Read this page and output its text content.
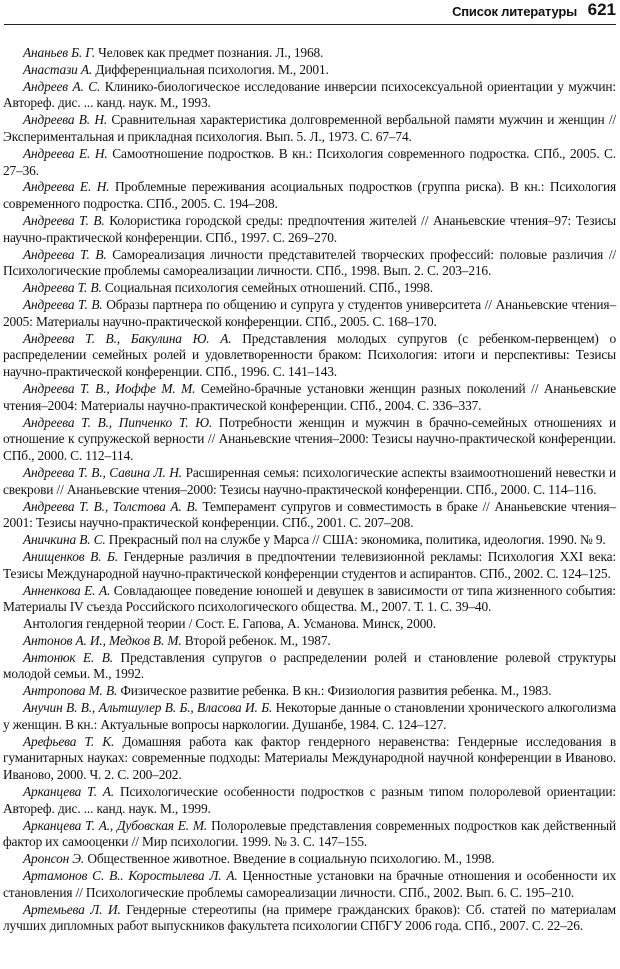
Список литературы 621

Ананьев Б. Г. Человек как предмет познания. Л., 1968.

Анастази А. Дифференциальная психология. М., 2001.

Андреев А. С. Клинико-биологическое исследование инверсии психосексуальной ориентации у мужчин: Автореф. дис. ... канд. наук. М., 1993.

Андреева В. Н. Сравнительная характеристика долговременной вербальной памяти мужчин и женщин // Экспериментальная и прикладная психология. Вып. 5. Л., 1973. С. 67–74.

Андреева Е. Н. Самоотношение подростков. В кн.: Психология современного подростка. СПб., 2005. С. 27–36.

Андреева Е. Н. Проблемные переживания асоциальных подростков (группа риска). В кн.: Психология современного подростка. СПб., 2005. С. 194–208.

Андреева Т. В. Колористика городской среды: предпочтения жителей // Ананьевские чтения–97: Тезисы научно-практической конференции. СПб., 1997. С. 269–270.

Андреева Т. В. Самореализация личности представителей творческих профессий: половые различия // Психологические проблемы самореализации личности. СПб., 1998. Вып. 2. С. 203–216.

Андреева Т. В. Социальная психология семейных отношений. СПб., 1998.

Андреева Т. В. Образы партнера по общению и супруга у студентов университета // Ананьевские чтения–2005: Материалы научно-практической конференции. СПб., 2005. С. 168–170.

Андреева Т. В., Бакулина Ю. А. Представления молодых супругов (с ребенком-первенцем) о распределении семейных ролей и удовлетворенности браком: Психология: итоги и перспективы: Тезисы научно-практической конференции. СПб., 1996. С. 141–143.

Андреева Т. В., Иоффе М. М. Семейно-брачные установки женщин разных поколений // Ананьевские чтения–2004: Материалы научно-практической конференции. СПб., 2004. С. 336–337.

Андреева Т. В., Пипченко Т. Ю. Потребности женщин и мужчин в брачно-семейных отношениях и отношение к супружеской верности // Ананьевские чтения–2000: Тезисы научно-практической конференции. СПб., 2000. С. 112–114.

Андреева Т. В., Савина Л. Н. Расширенная семья: психологические аспекты взаимоотношений невестки и свекрови // Ананьевские чтения–2000: Тезисы научно-практической конференции. СПб., 2000. С. 114–116.

Андреева Т. В., Толстова А. В. Темперамент супругов и совместимость в браке // Ананьевские чтения–2001: Тезисы научно-практической конференции. СПб., 2001. С. 207–208.

Аничкина В. С. Прекрасный пол на службе у Марса // США: экономика, политика, идеология. 1990. № 9.

Анищенков В. Б. Гендерные различия в предпочтении телевизионной рекламы: Психология XXI века: Тезисы Международной научно-практической конференции студентов и аспирантов. СПб., 2002. С. 124–125.

Анненкова Е. А. Совладающее поведение юношей и девушек в зависимости от типа жизненного события: Материалы IV съезда Российского психологического общества. М., 2007. Т. 1. С. 39–40.

Антология гендерной теории / Сост. Е. Гапова, А. Усманова. Минск, 2000.

Антонов А. И., Медков В. М. Второй ребенок. М., 1987.

Антонюк Е. В. Представления супругов о распределении ролей и становление ролевой структуры молодой семьи. М., 1992.

Антропова М. В. Физическое развитие ребенка. В кн.: Физиология развития ребенка. М., 1983.

Анучин В. В., Альтшулер В. Б., Власова И. Б. Некоторые данные о становлении хронического алкоголизма у женщин. В кн.: Актуальные вопросы наркологии. Душанбе, 1984. С. 124–127.

Арефьева Т. К. Домашняя работа как фактор гендерного неравенства: Гендерные исследования в гуманитарных науках: современные подходы: Материалы Международной научной конференции в Иваново. Иваново, 2000. Ч. 2. С. 200–202.

Арканцева Т. А. Психологические особенности подростков с разным типом полоролевой ориентации: Автореф. дис. ... канд. наук. М., 1999.

Арканцева Т. А., Дубовская Е. М. Полоролевые представления современных подростков как действенный фактор их самооценки // Мир психологии. 1999. № 3. С. 147–155.

Аронсон Э. Общественное животное. Введение в социальную психологию. М., 1998.

Артамонов С. В.. Коростылева Л. А. Ценностные установки на брачные отношения и особенности их становления // Психологические проблемы самореализации личности. СПб., 2002. Вып. 6. С. 195–210.

Артемьева Л. И. Гендерные стереотипы (на примере гражданских браков): Сб. статей по материалам лучших дипломных работ выпускников факультета психологии СПбГУ 2006 года. СПб., 2007. С. 22–26.
